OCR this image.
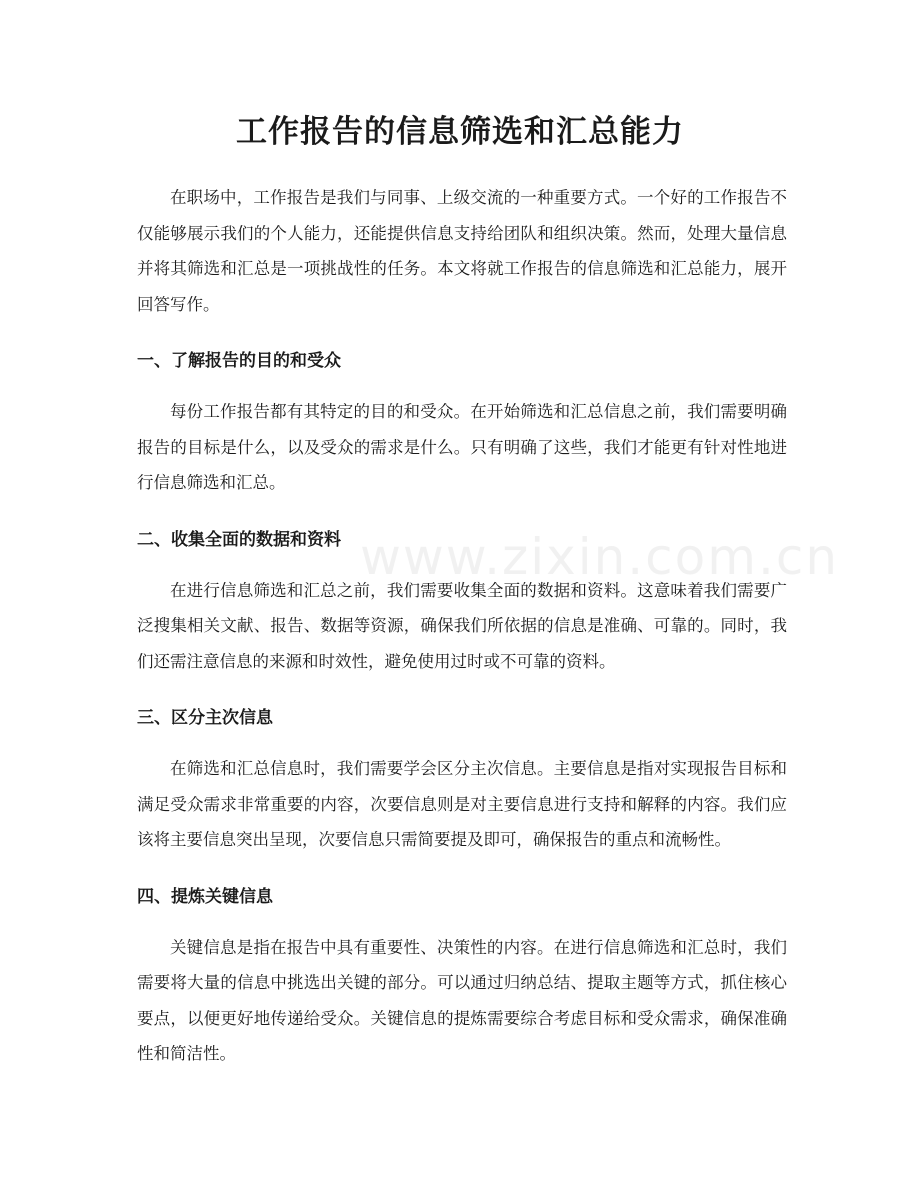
工作报告的信息筛选和汇总能力
www.zixin.com.cn

在职场中，工作报告是我们与同事、上级交流的一种重要方式。一个好的工作报告不仅能够展示我们的个人能力，还能提供信息支持给团队和组织决策。然而，处理大量信息并将其筛选和汇总是一项挑战性的任务。本文将就工作报告的信息筛选和汇总能力，展开回答写作。

一、了解报告的目的和受众

每份工作报告都有其特定的目的和受众。在开始筛选和汇总信息之前，我们需要明确报告的目标是什么，以及受众的需求是什么。只有明确了这些，我们才能更有针对性地进行信息筛选和汇总。

二、收集全面的数据和资料

在进行信息筛选和汇总之前，我们需要收集全面的数据和资料。这意味着我们需要广泛搜集相关文献、报告、数据等资源，确保我们所依据的信息是准确、可靠的。同时，我们还需注意信息的来源和时效性，避免使用过时或不可靠的资料。

三、区分主次信息

在筛选和汇总信息时，我们需要学会区分主次信息。主要信息是指对实现报告目标和满足受众需求非常重要的内容，次要信息则是对主要信息进行支持和解释的内容。我们应该将主要信息突出呈现，次要信息只需简要提及即可，确保报告的重点和流畅性。

四、提炼关键信息

关键信息是指在报告中具有重要性、决策性的内容。在进行信息筛选和汇总时，我们需要将大量的信息中挑选出关键的部分。可以通过归纳总结、提取主题等方式，抓住核心要点，以便更好地传递给受众。关键信息的提炼需要综合考虑目标和受众需求，确保准确性和简洁性。
